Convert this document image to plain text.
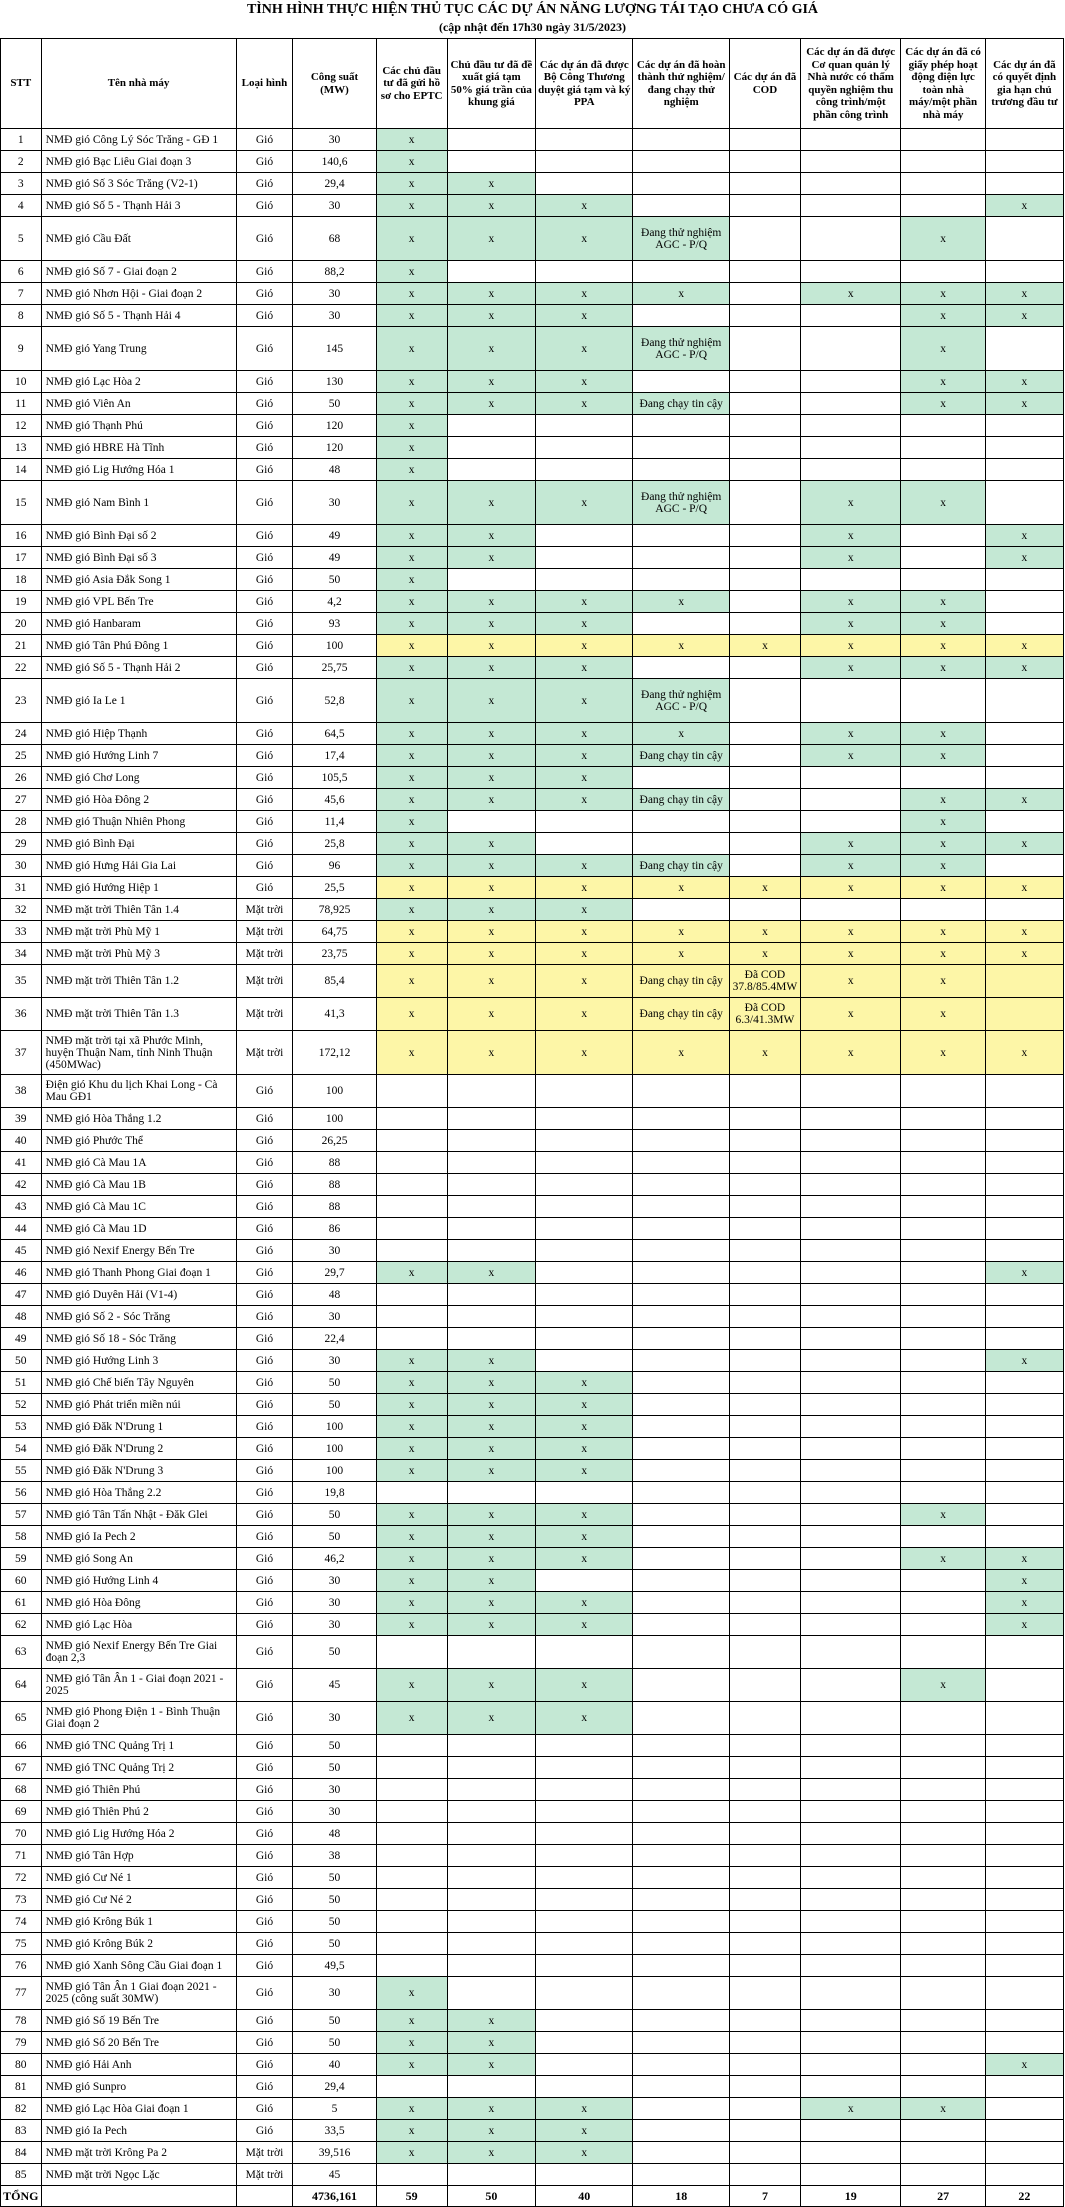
TÌNH HÌNH THỰC HIỆN THỦ TỤC CÁC DỰ ÁN NĂNG LƯỢNG TÁI TẠO CHƯA CÓ GIÁ
(cập nhật đến 17h30 ngày 31/5/2023)
STT	Tên nhà máy	Loại hình	Công suất (MW)	Các chủ đầu tư đã gửi hồ sơ cho EPTC	Chủ đầu tư đã đề xuất giá tạm 50% giá trần của khung giá	Các dự án đã được Bộ Công Thương duyệt giá tạm và ký PPA	Các dự án đã hoàn thành thử nghiệm/đang chạy thử nghiệm	Các dự án đã COD	Các dự án đã được Cơ quan quản lý Nhà nước có thẩm quyền nghiệm thu công trình/một phần công trình	Các dự án đã có giấy phép hoạt động điện lực toàn nhà máy/một phần nhà máy	Các dự án đã có quyết định gia hạn chủ trương đầu tư
1	NMĐ gió Công Lý Sóc Trăng - GĐ 1	Gió	30	x							
2	NMĐ gió Bạc Liêu Giai đoạn 3	Gió	140,6	x							
3	NMĐ gió Số 3 Sóc Trăng (V2-1)	Gió	29,4	x	x						
4	NMĐ gió Số 5 - Thạnh Hải 3	Gió	30	x	x	x					x
5	NMĐ gió Cầu Đất	Gió	68	x	x	x	Đang thử nghiệm AGC - P/Q			x	
6	NMĐ gió Số 7 - Giai đoạn 2	Gió	88,2	x							
7	NMĐ gió Nhơn Hội - Giai đoạn 2	Gió	30	x	x	x	x		x	x	x
8	NMĐ gió Số 5 - Thạnh Hải 4	Gió	30	x	x	x				x	x
9	NMĐ gió Yang Trung	Gió	145	x	x	x	Đang thử nghiệm AGC - P/Q			x	
10	NMĐ gió Lạc Hòa 2	Gió	130	x	x	x				x	x
11	NMĐ gió Viên An	Gió	50	x	x	x	Đang chạy tin cậy			x	x
12	NMĐ gió Thạnh Phú	Gió	120	x							
13	NMĐ gió HBRE Hà Tĩnh	Gió	120	x							
14	NMĐ gió Lig Hướng Hóa 1	Gió	48	x							
15	NMĐ gió Nam Bình 1	Gió	30	x	x	x	Đang thử nghiệm AGC - P/Q		x	x	
16	NMĐ gió Bình Đại số 2	Gió	49	x	x				x		x
17	NMĐ gió Bình Đại số 3	Gió	49	x	x				x		x
18	NMĐ gió Asia Đắk Song 1	Gió	50	x							
19	NMĐ gió VPL Bến Tre	Gió	4,2	x	x	x	x		x	x	
20	NMĐ gió Hanbaram	Gió	93	x	x	x			x	x	
21	NMĐ gió Tân Phú Đông 1	Gió	100	x	x	x	x	x	x	x	x
22	NMĐ gió Số 5 - Thạnh Hải 2	Gió	25,75	x	x	x			x	x	x
23	NMĐ gió Ia Le 1	Gió	52,8	x	x	x	Đang thử nghiệm AGC - P/Q				
24	NMĐ gió Hiệp Thạnh	Gió	64,5	x	x	x	x		x	x	
25	NMĐ gió Hướng Linh 7	Gió	17,4	x	x	x	Đang chạy tin cậy		x	x	
26	NMĐ gió Chơ Long	Gió	105,5	x	x	x					
27	NMĐ gió Hòa Đông 2	Gió	45,6	x	x	x	Đang chạy tin cậy			x	x
28	NMĐ gió Thuận Nhiên Phong	Gió	11,4	x						x	
29	NMĐ gió Bình Đại	Gió	25,8	x	x				x	x	x
30	NMĐ gió Hưng Hải Gia Lai	Gió	96	x	x	x	Đang chạy tin cậy		x	x	
31	NMĐ gió Hướng Hiệp 1	Gió	25,5	x	x	x	x	x	x	x	x
32	NMĐ mặt trời Thiên Tân 1.4	Mặt trời	78,925	x	x	x					
33	NMĐ mặt trời Phù Mỹ 1	Mặt trời	64,75	x	x	x	x	x	x	x	x
34	NMĐ mặt trời Phù Mỹ 3	Mặt trời	23,75	x	x	x	x	x	x	x	x
35	NMĐ mặt trời Thiên Tân 1.2	Mặt trời	85,4	x	x	x	Đang chạy tin cậy	Đã COD 37.8/85.4MW	x	x	
36	NMĐ mặt trời Thiên Tân 1.3	Mặt trời	41,3	x	x	x	Đang chạy tin cậy	Đã COD 6.3/41.3MW	x	x	
37	NMĐ mặt trời tại xã Phước Minh, huyện Thuận Nam, tỉnh Ninh Thuận (450MWac)	Mặt trời	172,12	x	x	x	x	x	x	x	x
38	Điện gió Khu du lịch Khai Long - Cà Mau GĐ1	Gió	100								
39	NMĐ gió Hòa Thắng 1.2	Gió	100								
40	NMĐ gió Phước Thể	Gió	26,25								
41	NMĐ gió Cà Mau 1A	Gió	88								
42	NMĐ gió Cà Mau 1B	Gió	88								
43	NMĐ gió Cà Mau 1C	Gió	88								
44	NMĐ gió Cà Mau 1D	Gió	86								
45	NMĐ gió Nexif Energy Bến Tre	Gió	30								
46	NMĐ gió Thanh Phong Giai đoạn 1	Gió	29,7	x	x						x
47	NMĐ gió Duyên Hải (V1-4)	Gió	48								
48	NMĐ gió Số 2 - Sóc Trăng	Gió	30								
49	NMĐ gió Số 18 - Sóc Trăng	Gió	22,4								
50	NMĐ gió Hướng Linh 3	Gió	30	x	x						x
51	NMĐ gió Chế biến Tây Nguyên	Gió	50	x	x	x					
52	NMĐ gió Phát triển miền núi	Gió	50	x	x	x					
53	NMĐ gió Đăk N'Drung 1	Gió	100	x	x	x					
54	NMĐ gió Đăk N'Drung 2	Gió	100	x	x	x					
55	NMĐ gió Đăk N'Drung 3	Gió	100	x	x	x					
56	NMĐ gió Hòa Thắng 2.2	Gió	19,8								
57	NMĐ gió Tân Tấn Nhật - Đăk Glei	Gió	50	x	x	x				x	
58	NMĐ gió Ia Pech 2	Gió	50	x	x	x					
59	NMĐ gió Song An	Gió	46,2	x	x	x				x	x
60	NMĐ gió Hướng Linh 4	Gió	30	x	x						x
61	NMĐ gió Hòa Đông	Gió	30	x	x	x					x
62	NMĐ gió Lạc Hòa	Gió	30	x	x	x					x
63	NMĐ gió Nexif Energy Bến Tre Giai đoạn 2,3	Gió	50								
64	NMĐ gió Tân Ân 1 - Giai đoạn 2021 - 2025	Gió	45	x	x	x				x	
65	NMĐ gió Phong Điện 1 - Bình Thuận Giai đoạn 2	Gió	30	x	x	x					
66	NMĐ gió TNC Quảng Trị 1	Gió	50								
67	NMĐ gió TNC Quảng Trị 2	Gió	50								
68	NMĐ gió Thiên Phú	Gió	30								
69	NMĐ gió Thiên Phú 2	Gió	30								
70	NMĐ gió Lig Hướng Hóa 2	Gió	48								
71	NMĐ gió Tân Hợp	Gió	38								
72	NMĐ gió Cư Né 1	Gió	50								
73	NMĐ gió Cư Né 2	Gió	50								
74	NMĐ gió Krông Búk 1	Gió	50								
75	NMĐ gió Krông Búk 2	Gió	50								
76	NMĐ gió Xanh Sông Cầu Giai đoạn 1	Gió	49,5								
77	NMĐ gió Tân Ân 1 Giai đoạn 2021 - 2025 (công suất 30MW)	Gió	30	x							
78	NMĐ gió Số 19 Bến Tre	Gió	50	x	x						
79	NMĐ gió Số 20 Bến Tre	Gió	50	x	x						
80	NMĐ gió Hải Anh	Gió	40	x	x						x
81	NMĐ gió Sunpro	Gió	29,4								
82	NMĐ gió Lạc Hòa Giai đoạn 1	Gió	5	x	x	x			x	x	
83	NMĐ gió Ia Pech	Gió	33,5	x	x	x					
84	NMĐ mặt trời Krông Pa 2	Mặt trời	39,516	x	x	x					
85	NMĐ mặt trời Ngọc Lặc	Mặt trời	45								
TỔNG			4736,161	59	50	40	18	7	19	27	22
